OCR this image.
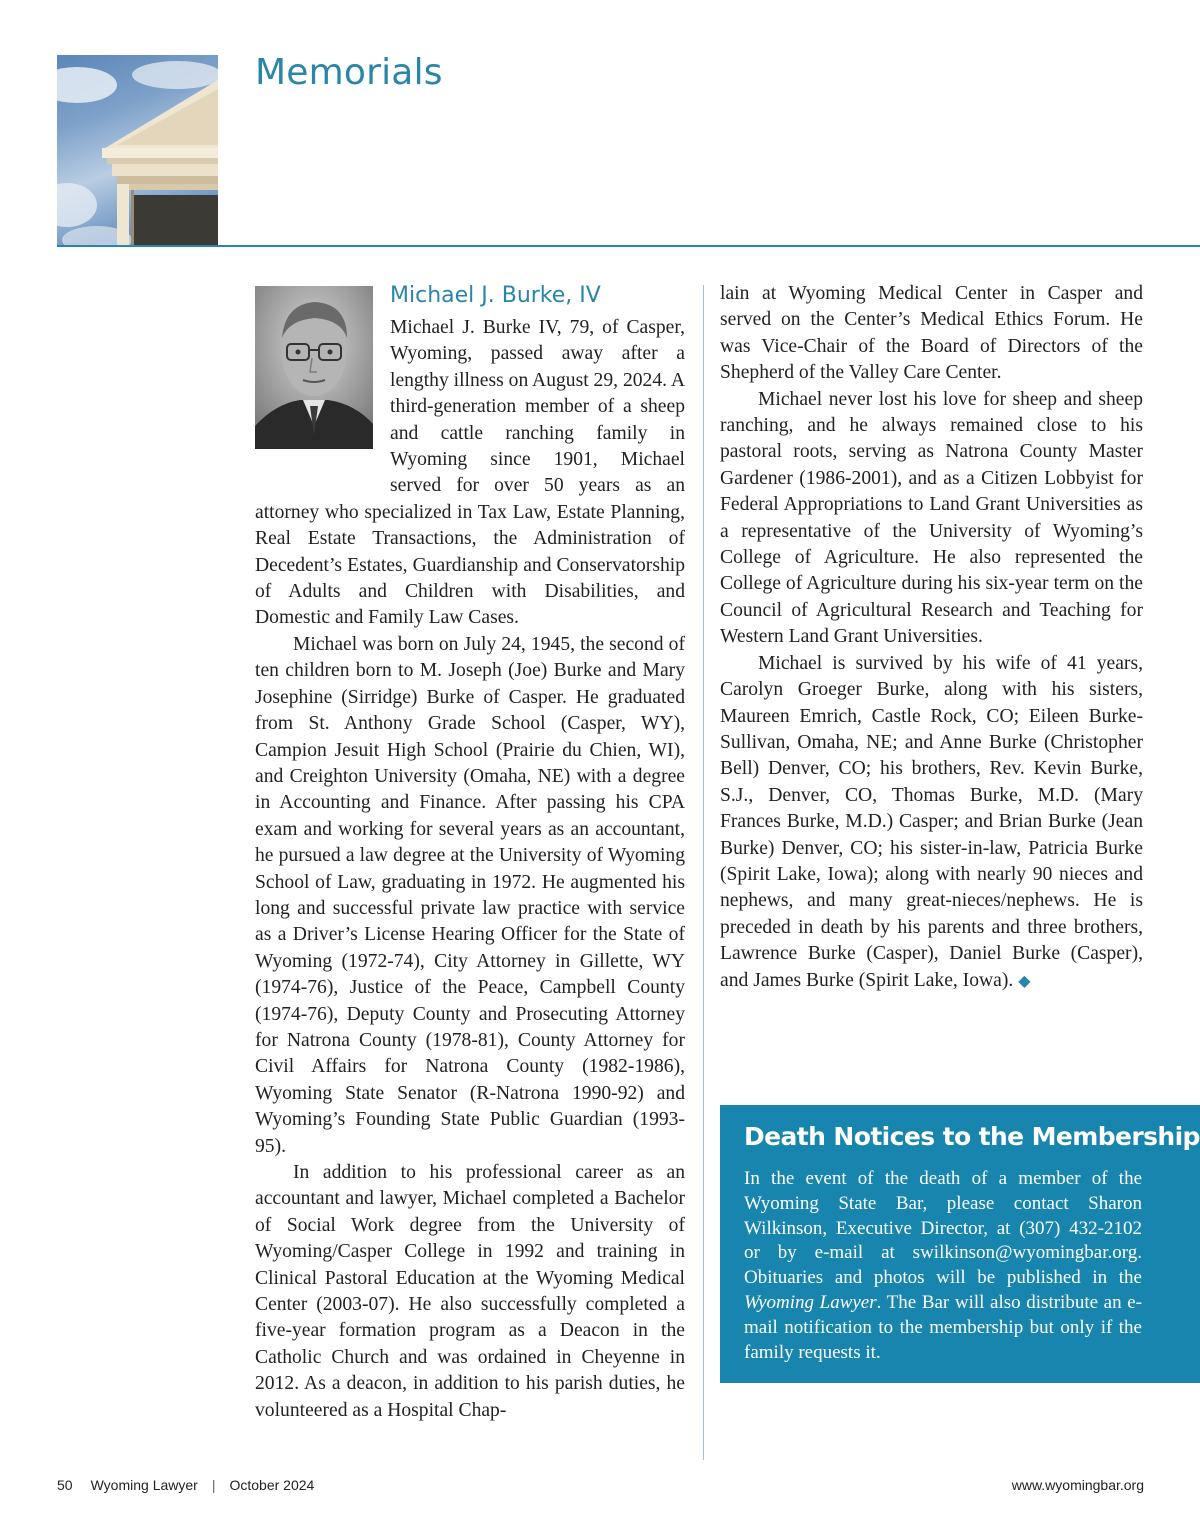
Memorials
Michael J. Burke, IV

Michael J. Burke IV, 79, of Casper, Wyoming, passed away after a lengthy illness on August 29, 2024. A third-generation member of a sheep and cattle ranching family in Wyoming since 1901, Michael served for over 50 years as an attorney who specialized in Tax Law, Estate Planning, Real Estate Transactions, the Administration of Decedent’s Estates, Guardianship and Conservatorship of Adults and Children with Disabilities, and Domestic and Family Law Cases.

Michael was born on July 24, 1945, the second of ten children born to M. Joseph (Joe) Burke and Mary Josephine (Sirridge) Burke of Casper. He graduated from St. Anthony Grade School (Casper, WY), Campion Jesuit High School (Prairie du Chien, WI), and Creighton University (Omaha, NE) with a degree in Accounting and Finance. After passing his CPA exam and working for several years as an accountant, he pursued a law degree at the University of Wyoming School of Law, graduating in 1972. He augmented his long and successful private law practice with service as a Driver’s License Hearing Officer for the State of Wyoming (1972-74), City Attorney in Gillette, WY (1974-76), Justice of the Peace, Campbell County (1974-76), Deputy County and Prosecuting Attorney for Natrona County (1978-81), County Attorney for Civil Affairs for Natrona County (1982-1986), Wyoming State Senator (R-Natrona 1990-92) and Wyoming’s Founding State Public Guardian (1993-95).

In addition to his professional career as an accountant and lawyer, Michael completed a Bachelor of Social Work degree from the University of Wyoming/Casper College in 1992 and training in Clinical Pastoral Education at the Wyoming Medical Center (2003-07). He also successfully completed a five-year formation program as a Deacon in the Catholic Church and was ordained in Cheyenne in 2012. As a deacon, in addition to his parish duties, he volunteered as a Hospital Chap-

lain at Wyoming Medical Center in Casper and served on the Center’s Medical Ethics Forum. He was Vice-Chair of the Board of Directors of the Shepherd of the Valley Care Center.

Michael never lost his love for sheep and sheep ranching, and he always remained close to his pastoral roots, serving as Natrona County Master Gardener (1986-2001), and as a Citizen Lobbyist for Federal Appropriations to Land Grant Universities as a representative of the University of Wyoming’s College of Agriculture. He also represented the College of Agriculture during his six-year term on the Council of Agricultural Research and Teaching for Western Land Grant Universities.

Michael is survived by his wife of 41 years, Carolyn Groeger Burke, along with his sisters, Maureen Emrich, Castle Rock, CO; Eileen Burke-Sullivan, Omaha, NE; and Anne Burke (Christopher Bell) Denver, CO; his brothers, Rev. Kevin Burke, S.J., Denver, CO, Thomas Burke, M.D. (Mary Frances Burke, M.D.) Casper; and Brian Burke (Jean Burke) Denver, CO; his sister-in-law, Patricia Burke (Spirit Lake, Iowa); along with nearly 90 nieces and nephews, and many great-nieces/nephews. He is preceded in death by his parents and three brothers, Lawrence Burke (Casper), Daniel Burke (Casper), and James Burke (Spirit Lake, Iowa). ◆

Death Notices to the Membership

In the event of the death of a member of the Wyoming State Bar, please contact Sharon Wilkinson, Executive Director, at (307) 432-2102 or by e-mail at swilkinson@wyomingbar.org. Obituaries and photos will be published in the Wyoming Lawyer. The Bar will also distribute an e-mail notification to the membership but only if the family requests it.

50 Wyoming Lawyer | October 2024	www.wyomingbar.org
